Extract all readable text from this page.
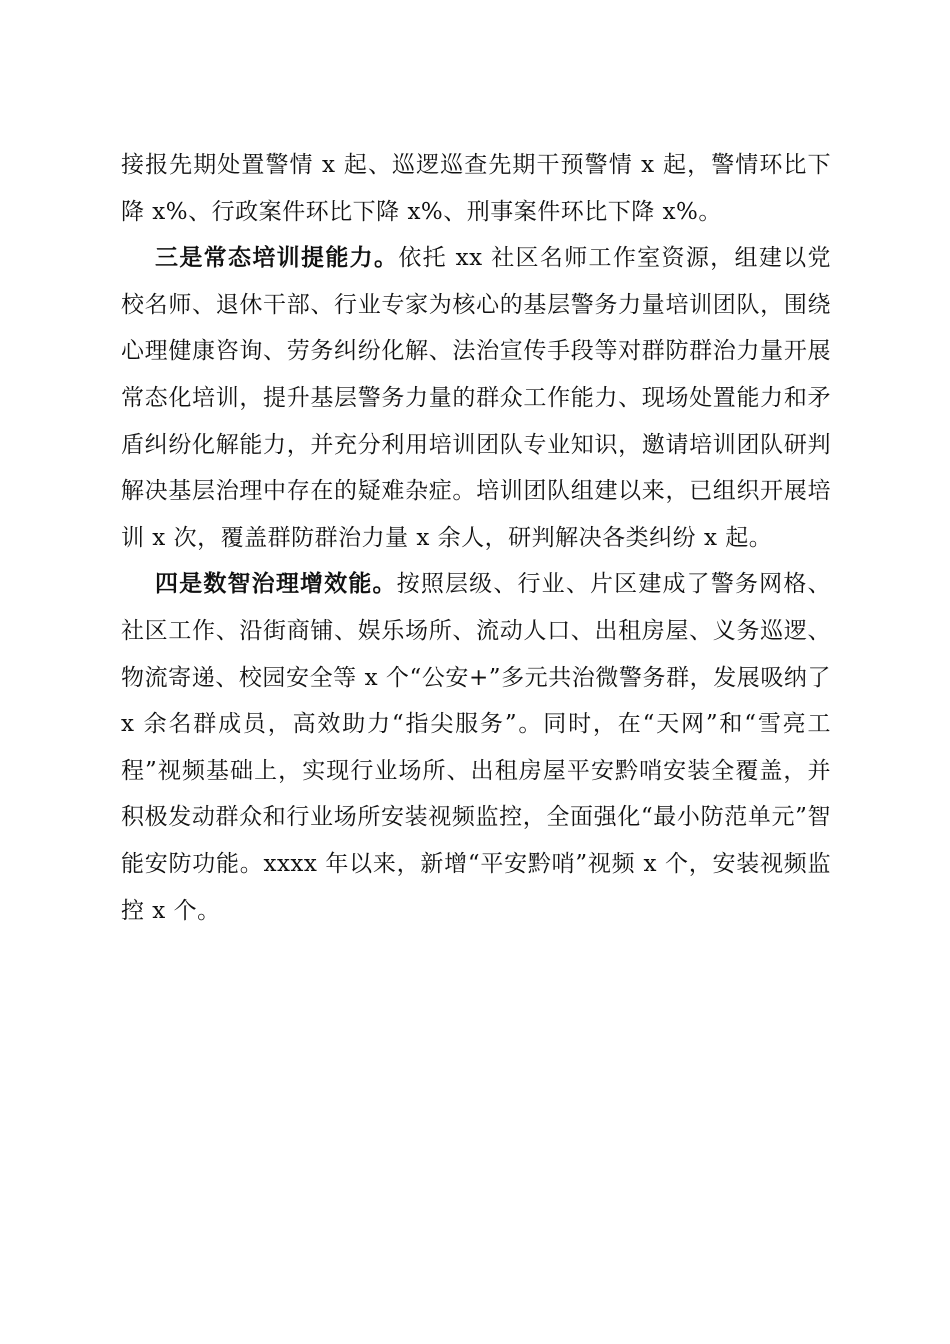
接报先期处置警情 x 起、巡逻巡查先期干预警情 x 起，警情环比下降 x%、行政案件环比下降 x%、刑事案件环比下降 x%。

三是常态培训提能力。依托 xx 社区名师工作室资源，组建以党校名师、退休干部、行业专家为核心的基层警务力量培训团队，围绕心理健康咨询、劳务纠纷化解、法治宣传手段等对群防群治力量开展常态化培训，提升基层警务力量的群众工作能力、现场处置能力和矛盾纠纷化解能力，并充分利用培训团队专业知识，邀请培训团队研判解决基层治理中存在的疑难杂症。培训团队组建以来，已组织开展培训 x 次，覆盖群防群治力量 x 余人，研判解决各类纠纷 x 起。

四是数智治理增效能。按照层级、行业、片区建成了警务网格、社区工作、沿街商铺、娱乐场所、流动人口、出租房屋、义务巡逻、物流寄递、校园安全等 x 个“公安+”多元共治微警务群，发展吸纳了 x 余名群成员，高效助力“指尖服务”。同时，在“天网”和“雪亮工程”视频基础上，实现行业场所、出租房屋平安黔哨安装全覆盖，并积极发动群众和行业场所安装视频监控，全面强化“最小防范单元”智能安防功能。xxxx 年以来，新增“平安黔哨”视频 x 个，安装视频监控 x 个。
